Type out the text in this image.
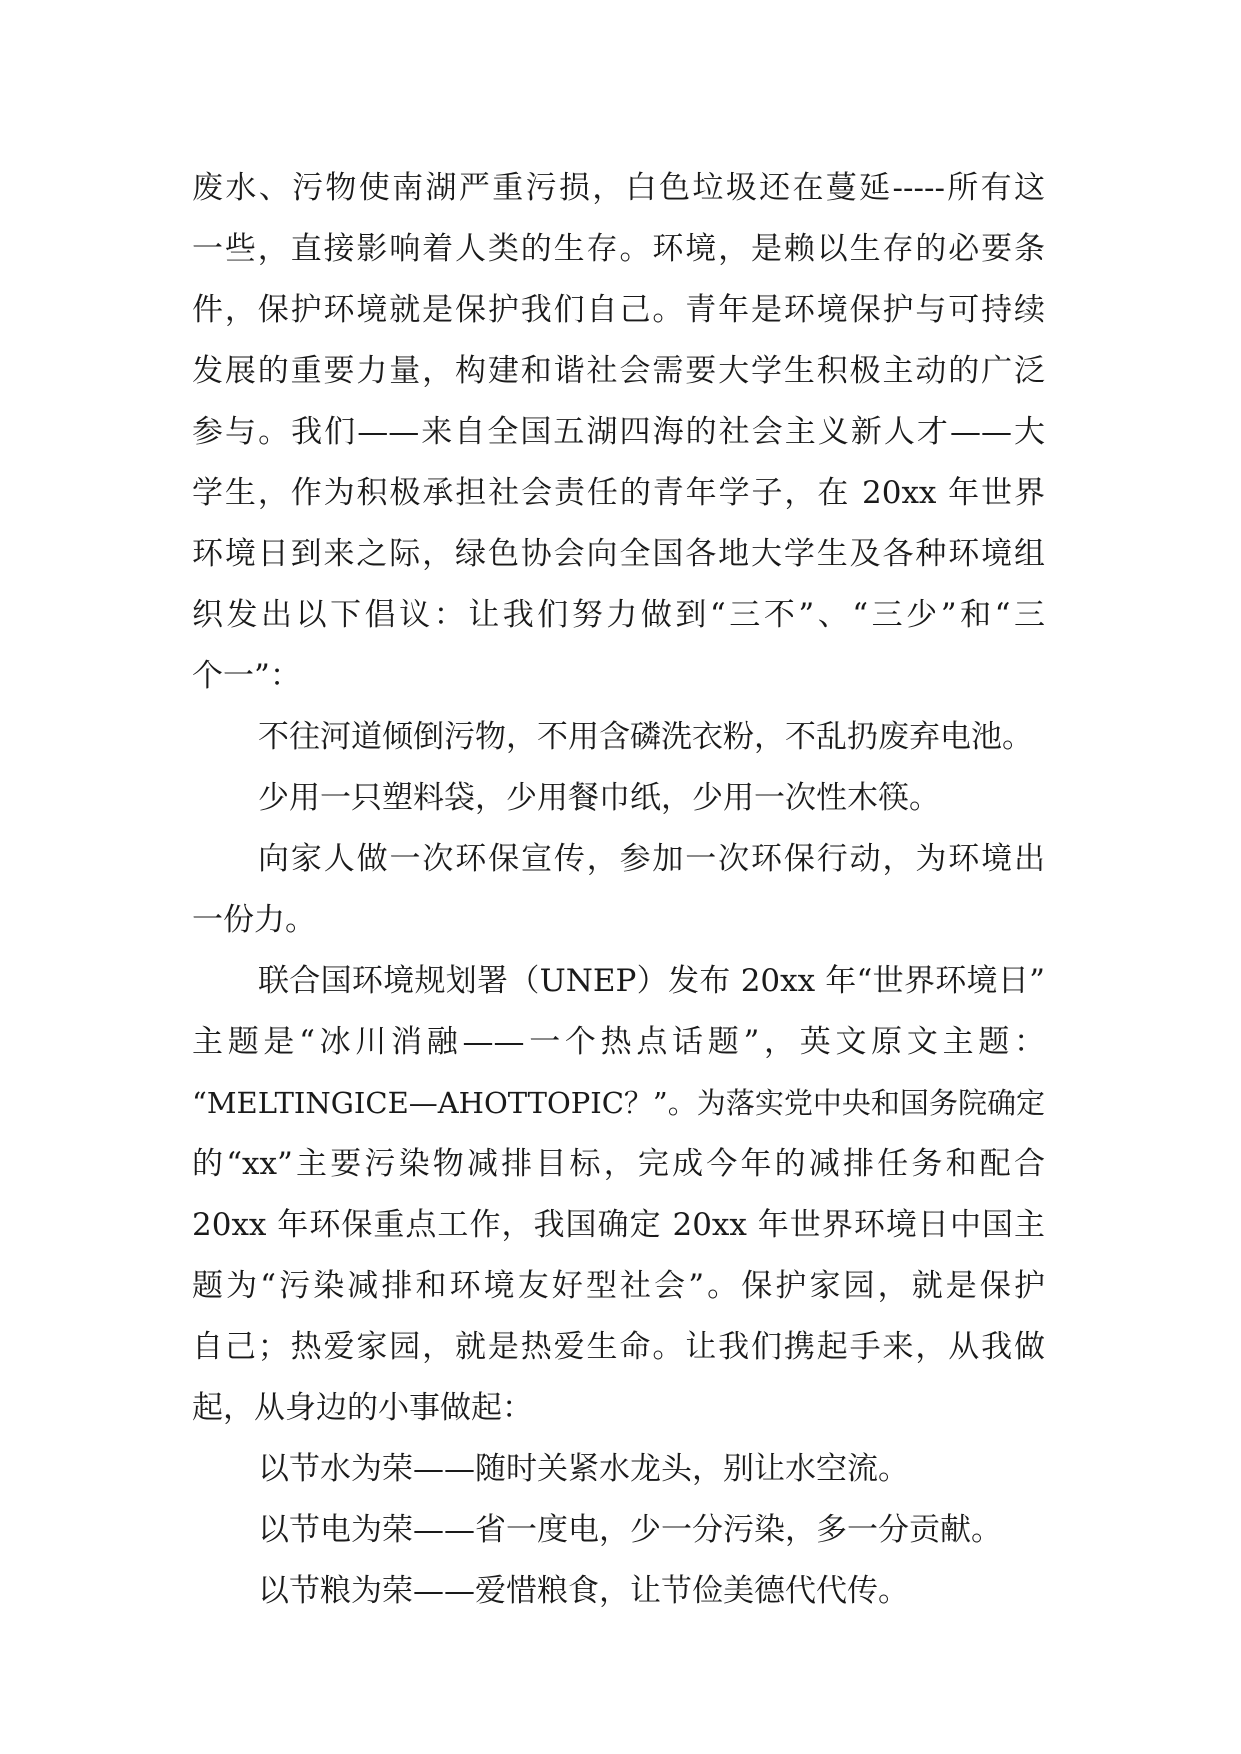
废水、污物使南湖严重污损，白色垃圾还在蔓延-----所有这
一些，直接影响着人类的生存。环境，是赖以生存的必要条
件，保护环境就是保护我们自己。青年是环境保护与可持续
发展的重要力量，构建和谐社会需要大学生积极主动的广泛
参与。我们——来自全国五湖四海的社会主义新人才——大
学生，作为积极承担社会责任的青年学子，在 20xx 年世界
环境日到来之际，绿色协会向全国各地大学生及各种环境组
织发出以下倡议：让我们努力做到“三不”、“三少”和“三
个一”：
不往河道倾倒污物，不用含磷洗衣粉，不乱扔废弃电池。
少用一只塑料袋，少用餐巾纸，少用一次性木筷。
向家人做一次环保宣传，参加一次环保行动，为环境出
一份力。
联合国环境规划署（UNEP）发布 20xx 年“世界环境日”
主题是“冰川消融——一个热点话题”，英文原文主题：
“MELTINGICE—AHOTTOPIC？”。为落实党中央和国务院确定
的“xx”主要污染物减排目标，完成今年的减排任务和配合
20xx 年环保重点工作，我国确定 20xx 年世界环境日中国主
题为“污染减排和环境友好型社会”。保护家园，就是保护
自己；热爱家园，就是热爱生命。让我们携起手来，从我做
起，从身边的小事做起：
以节水为荣——随时关紧水龙头，别让水空流。
以节电为荣——省一度电，少一分污染，多一分贡献。
以节粮为荣——爱惜粮食，让节俭美德代代传。
